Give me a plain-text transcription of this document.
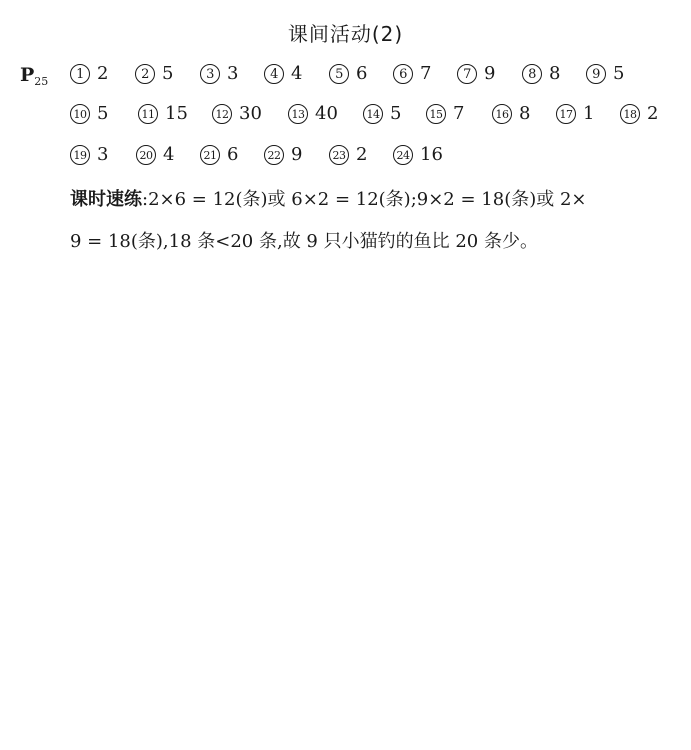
课间活动(2)
$P_{25}$	1 2	2 5	3 3	4 4	5 6	6 7	7 9	8 8	9 5
10 5	11 15	12 30	13 40	14 5	15 7	16 8	17 1	18 2
19 3	20 4	21 6	22 9	23 2	24 16
课时速练:2×6 = 12(条)或 6×2 = 12(条);9×2 = 18(条)或 2×
9 = 18(条),18 条<20 条,故 9 只小猫钓的鱼比 20 条少。
